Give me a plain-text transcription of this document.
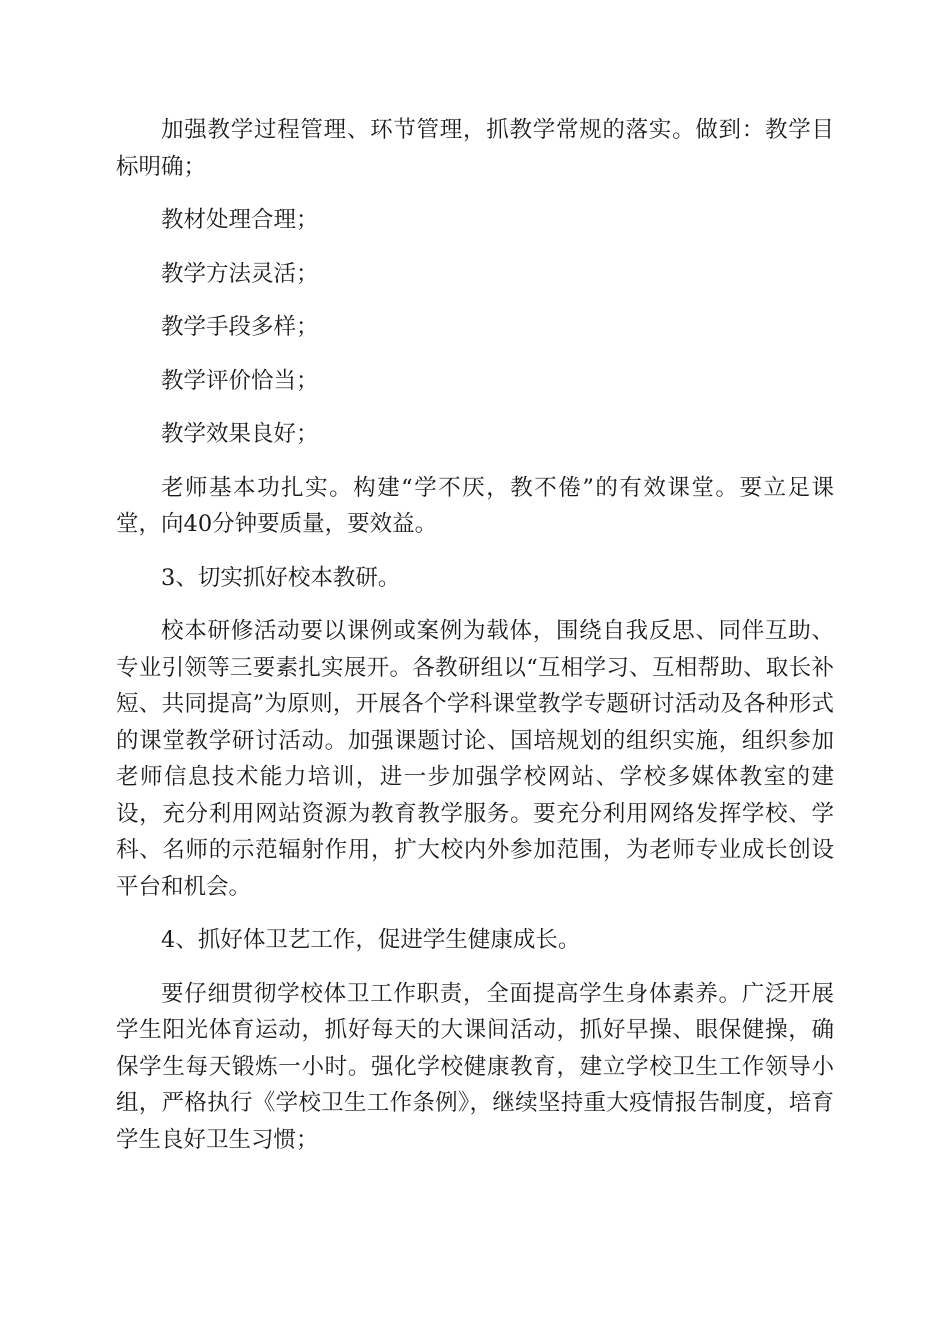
加强教学过程管理、环节管理，抓教学常规的落实。做到：教学目标明确；

教材处理合理；

教学方法灵活；

教学手段多样；

教学评价恰当；

教学效果良好；

老师基本功扎实。构建“学不厌，教不倦”的有效课堂。要立足课堂，向40分钟要质量，要效益。

3、切实抓好校本教研。

校本研修活动要以课例或案例为载体，围绕自我反思、同伴互助、专业引领等三要素扎实展开。各教研组以“互相学习、互相帮助、取长补短、共同提高”为原则，开展各个学科课堂教学专题研讨活动及各种形式的课堂教学研讨活动。加强课题讨论、国培规划的组织实施，组织参加老师信息技术能力培训，进一步加强学校网站、学校多媒体教室的建设，充分利用网站资源为教育教学服务。要充分利用网络发挥学校、学科、名师的示范辐射作用，扩大校内外参加范围，为老师专业成长创设平台和机会。

4、抓好体卫艺工作，促进学生健康成长。

要仔细贯彻学校体卫工作职责，全面提高学生身体素养。广泛开展学生阳光体育运动，抓好每天的大课间活动，抓好早操、眼保健操，确保学生每天锻炼一小时。强化学校健康教育，建立学校卫生工作领导小组，严格执行《学校卫生工作条例》，继续坚持重大疫情报告制度，培育学生良好卫生习惯；
